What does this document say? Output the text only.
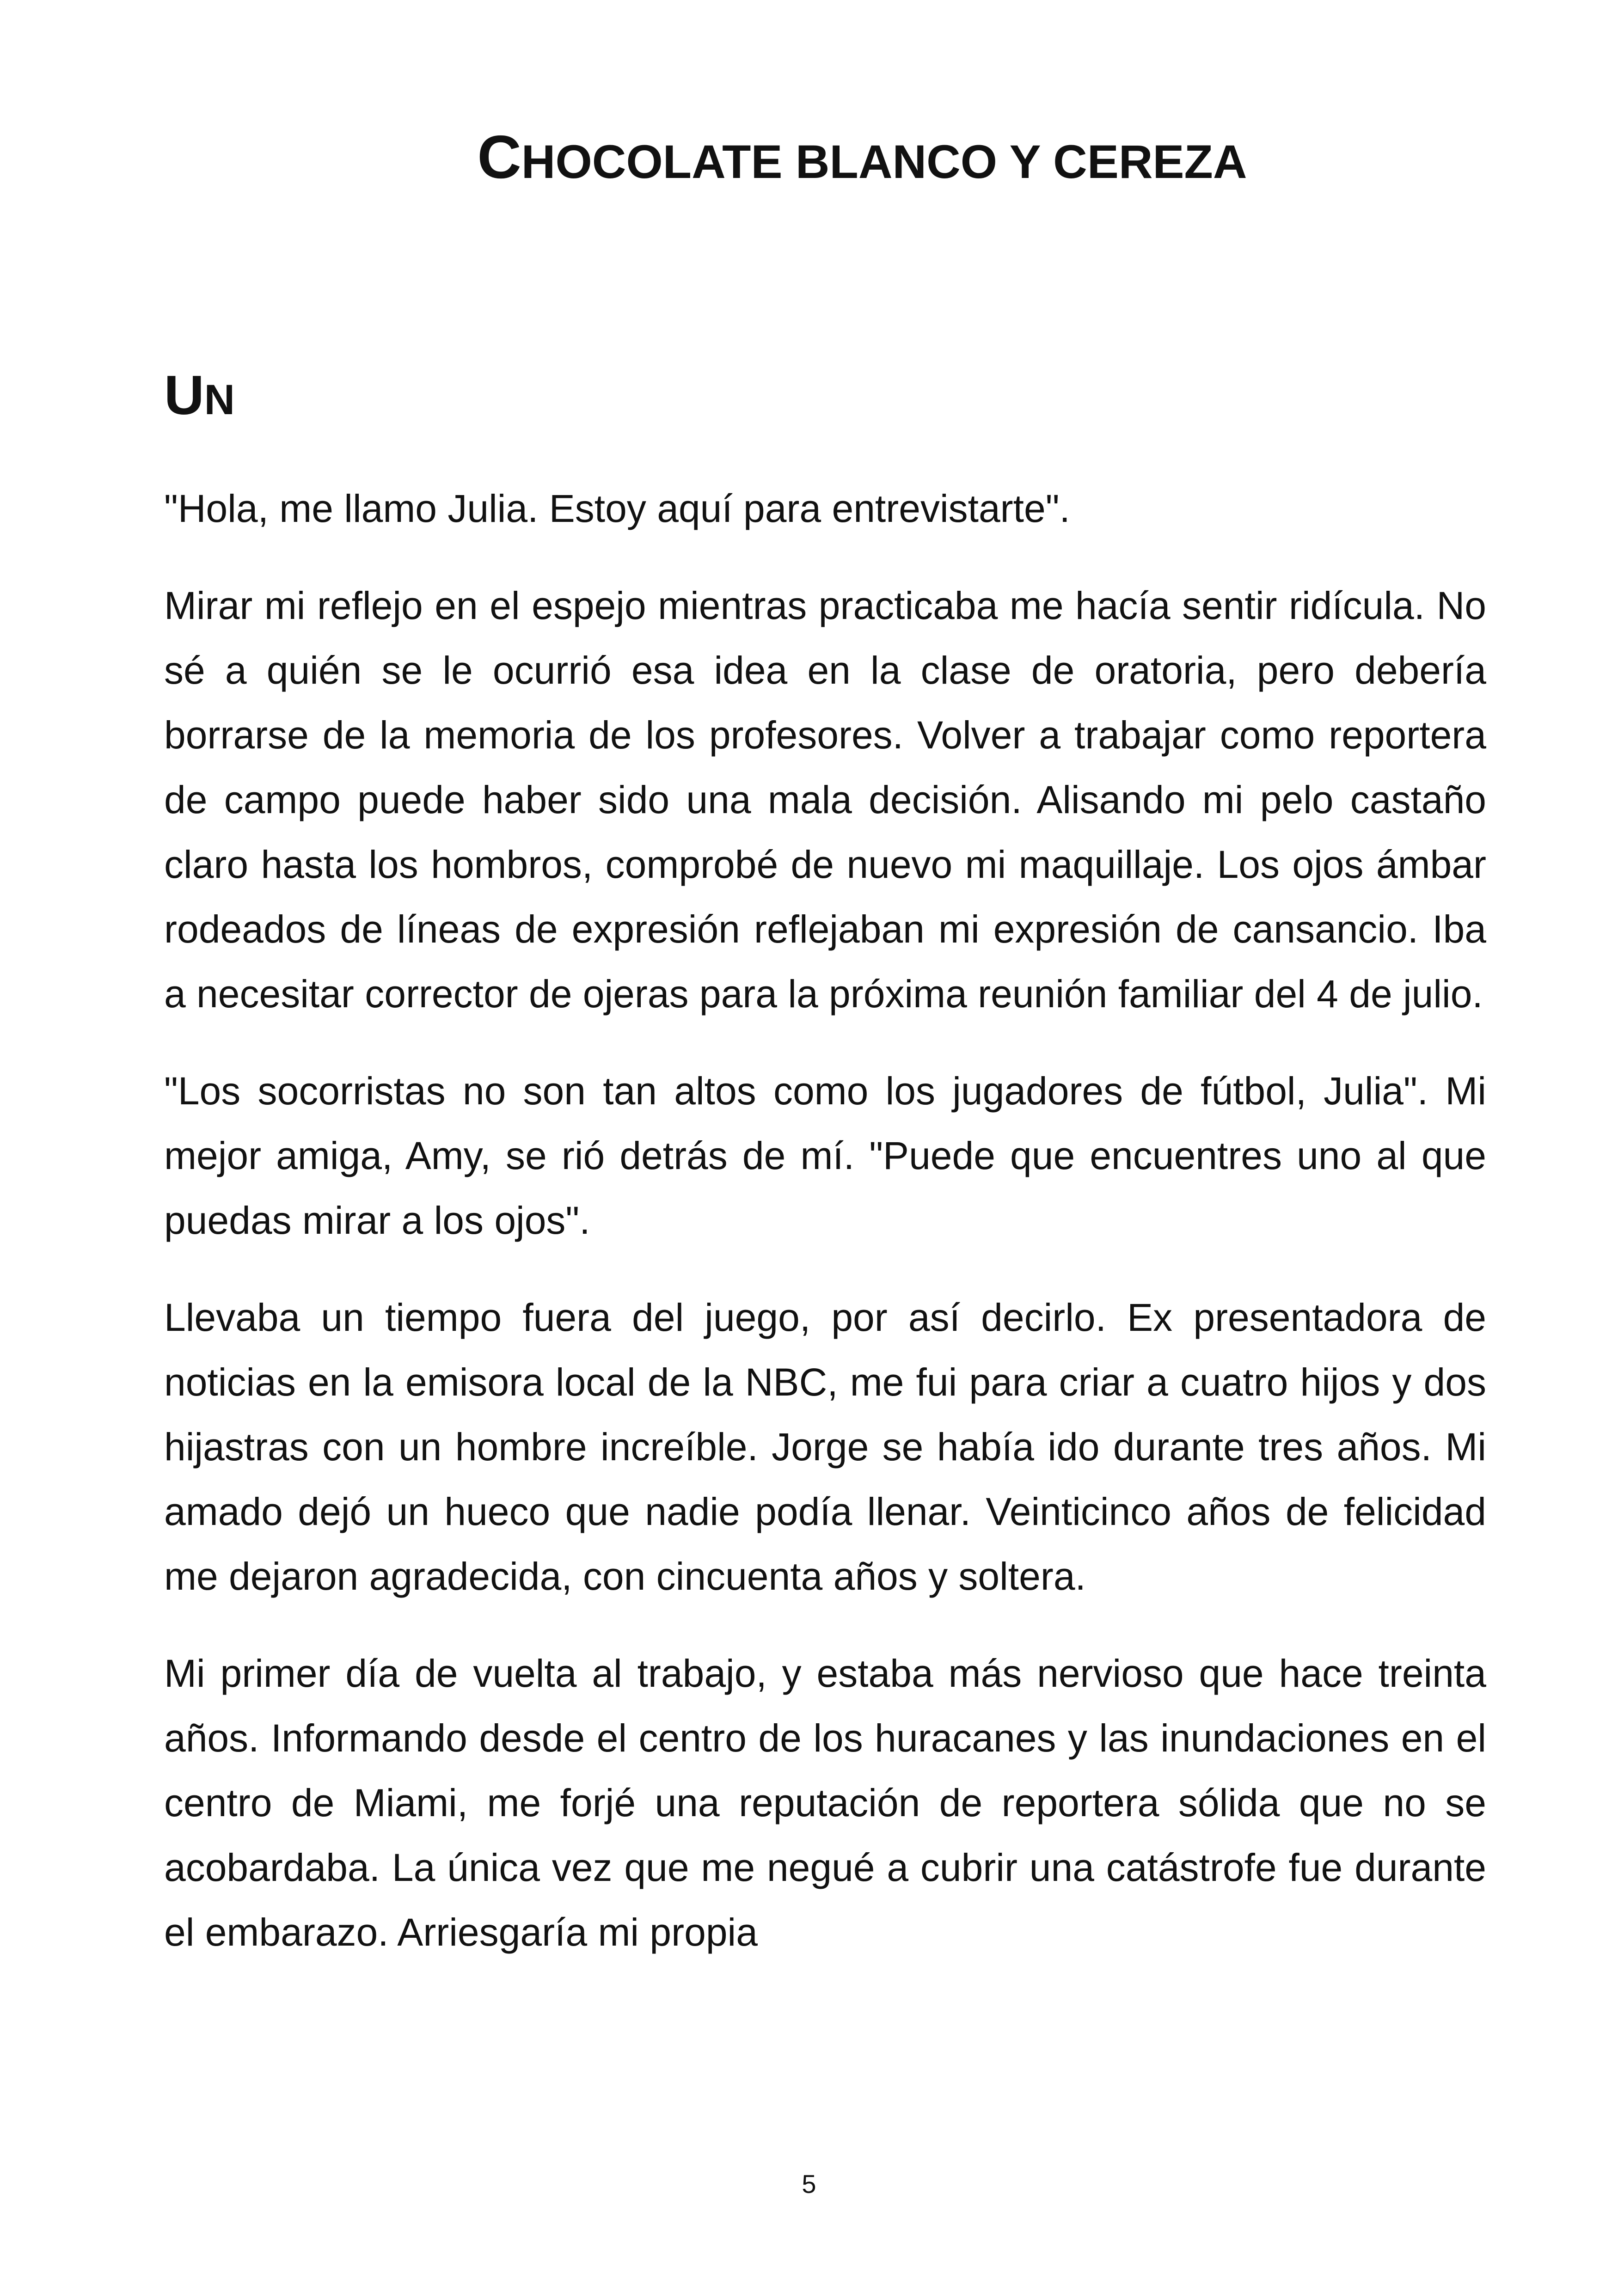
CHOCOLATE BLANCO Y CEREZA
UN

"Hola, me llamo Julia. Estoy aquí para entrevistarte".

Mirar mi reflejo en el espejo mientras practicaba me hacía sentir ridícula. No sé a quién se le ocurrió esa idea en la clase de oratoria, pero debería borrarse de la memoria de los profesores. Volver a trabajar como reportera de campo puede haber sido una mala decisión. Alisando mi pelo castaño claro hasta los hombros, comprobé de nuevo mi maquillaje. Los ojos ámbar rodeados de líneas de expresión reflejaban mi expresión de cansancio. Iba a necesitar corrector de ojeras para la próxima reunión familiar del 4 de julio.

"Los socorristas no son tan altos como los jugadores de fútbol, Julia". Mi mejor amiga, Amy, se rió detrás de mí. "Puede que encuentres uno al que puedas mirar a los ojos".

Llevaba un tiempo fuera del juego, por así decirlo. Ex presentadora de noticias en la emisora local de la NBC, me fui para criar a cuatro hijos y dos hijastras con un hombre increíble. Jorge se había ido durante tres años. Mi amado dejó un hueco que nadie podía llenar. Veinticinco años de felicidad me dejaron agradecida, con cincuenta años y soltera.

Mi primer día de vuelta al trabajo, y estaba más nervioso que hace treinta años. Informando desde el centro de los huracanes y las inundaciones en el centro de Miami, me forjé una reputación de reportera sólida que no se acobardaba. La única vez que me negué a cubrir una catástrofe fue durante el embarazo. Arriesgaría mi propia

5
